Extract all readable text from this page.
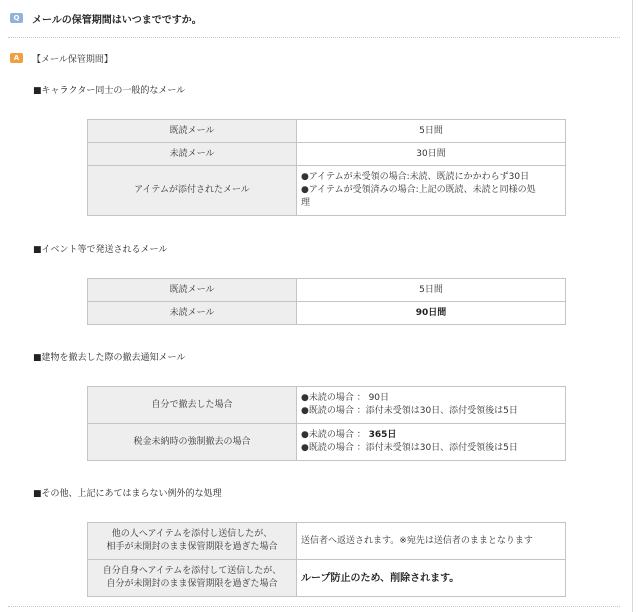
Q	メールの保管期間はいつまでですか。
A	【メール保管期間】
■キャラクター同士の一般的なメール
既読メール	5日間
未読メール	30日間
アイテムが添付されたメール	●アイテムが未受領の場合:未読、既読にかかわらず30日
●アイテムが受領済みの場合:上記の既読、未読と同様の処
理
■イベント等で発送されるメール
既読メール	5日間
未読メール	90日間
■建物を撤去した際の撤去通知メール
自分で撤去した場合	●未読の場合 ： 90日
●既読の場合 ：添付未受領は30日、添付受領後は5日

税金未納時の強制撤去の場合	●未読の場合 ： 365日
●既読の場合 ：添付未受領は30日、添付受領後は5日
■その他、上記にあてはまらない例外的な処理
他の人へアイテムを添付し送信したが、
相手が未開封のまま保管期限を過ぎた場合	送信者へ返送されます。※宛先は送信者のままとなります

自分自身へアイテムを添付して送信したが、
自分が未開封のまま保管期限を過ぎた場合	ループ防止のため、削除されます。
